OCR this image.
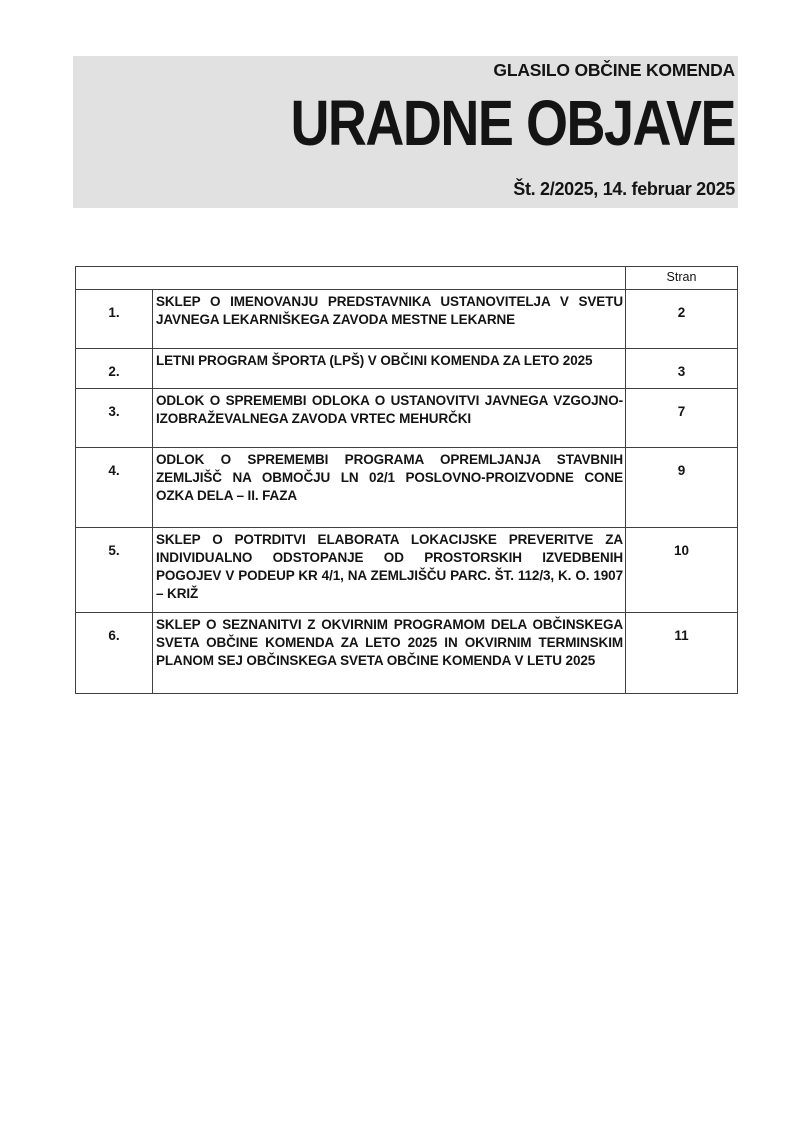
GLASILO OBČINE KOMENDA
URADNE OBJAVE
Št. 2/2025, 14. februar 2025
		Stran
1.	SKLEP O IMENOVANJU PREDSTAVNIKA USTANOVITELJA V SVETU JAVNEGA LEKARNIŠKEGA ZAVODA MESTNE LEKARNE	2
2.	LETNI PROGRAM ŠPORTA (LPŠ) V OBČINI KOMENDA ZA LETO 2025	3
3.	ODLOK O SPREMEMBI ODLOKA O USTANOVITVI JAVNEGA VZGOJNO-IZOBRAŽEVALNEGA ZAVODA VRTEC MEHURČKI	7
4.	ODLOK O SPREMEMBI PROGRAMA OPREMLJANJA STAVBNIH ZEMLJIŠČ NA OBMOČJU LN 02/1 POSLOVNO-PROIZVODNE CONE OZKA DELA – II. FAZA	9
5.	SKLEP O POTRDITVI ELABORATA LOKACIJSKE PREVERITVE ZA INDIVIDUALNO ODSTOPANJE OD PROSTORSKIH IZVEDBENIH POGOJEV V PODEUP KR 4/1, NA ZEMLJIŠČU PARC. ŠT. 112/3, K. O. 1907 – KRIŽ	10
6.	SKLEP O SEZNANITVI Z OKVIRNIM PROGRAMOM DELA OBČINSKEGA SVETA OBČINE KOMENDA ZA LETO 2025 IN OKVIRNIM TERMINSKIM PLANOM SEJ OBČINSKEGA SVETA OBČINE KOMENDA V LETU 2025	11
